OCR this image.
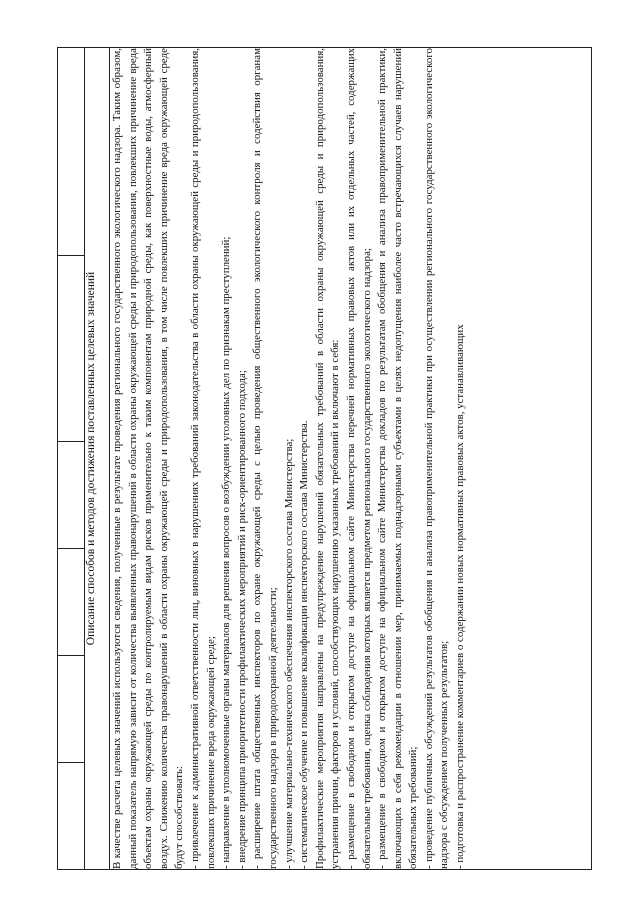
Описание способов и методов достижения поставленных целевых значений

В качестве расчета целевых значений используются сведения, полученные в результате проведения регионального государственного экологического надзора. Таким образом, данный показатель напрямую зависит от количества выявленных правонарушений в области охраны окружающей среды и природопользования, повлекших причинение вреда объектам охраны окружающей среды по контролируемым видам рисков применительно к таким компонентам природной среды, как поверхностные воды, атмосферный воздух. Снижению количества правонарушений в области охраны окружающей среды и природопользования, в том числе повлекших причинение вреда окружающей среде будут способствовать: - привлечение к административной ответственности лиц, виновных в нарушениях требований законодательства в области охраны окружающей среды и природопользования, повлекших причинение вреда окружающей среде; - направление в уполномоченные органы материалов для решения вопросов о возбуждении уголовных дел по признакам преступлений; - внедрение принципа приоритетности профилактических мероприятий и риск-ориентированного подхода; - расширение штата общественных инспекторов по охране окружающей среды с целью проведения общественного экологического контроля и содействия органам государственного надзора в природоохранной деятельности; - улучшение материально-технического обеспечения инспекторского состава Министерства; - систематическое обучение и повышение квалификации инспекторского состава Министерства. Профилактические мероприятия направлены на предупреждение нарушений обязательных требований в области охраны окружающей среды и природопользования, устранения причин, факторов и условий, способствующих нарушению указанных требований и включают в себя: - размещение в свободном и открытом доступе на официальном сайте Министерства перечней нормативных правовых актов или их отдельных частей, содержащих обязательные требования, оценка соблюдения которых является предметом регионального государственного экологического надзора; - размещение в свободном и открытом доступе на официальном сайте Министерства докладов по результатам обобщения и анализа правоприменительной практики, включающих в себя рекомендации в отношении мер, принимаемых поднадзорными субъектами в целях недопущения наиболее часто встречающихся случаев нарушений обязательных требований; - проведение публичных обсуждений результатов обобщения и анализа правоприменительной практики при осуществлении регионального государственного экологического надзора с обсуждением полученных результатов; - подготовка и распространение комментариев о содержании новых нормативных правовых актов, устанавливающих
